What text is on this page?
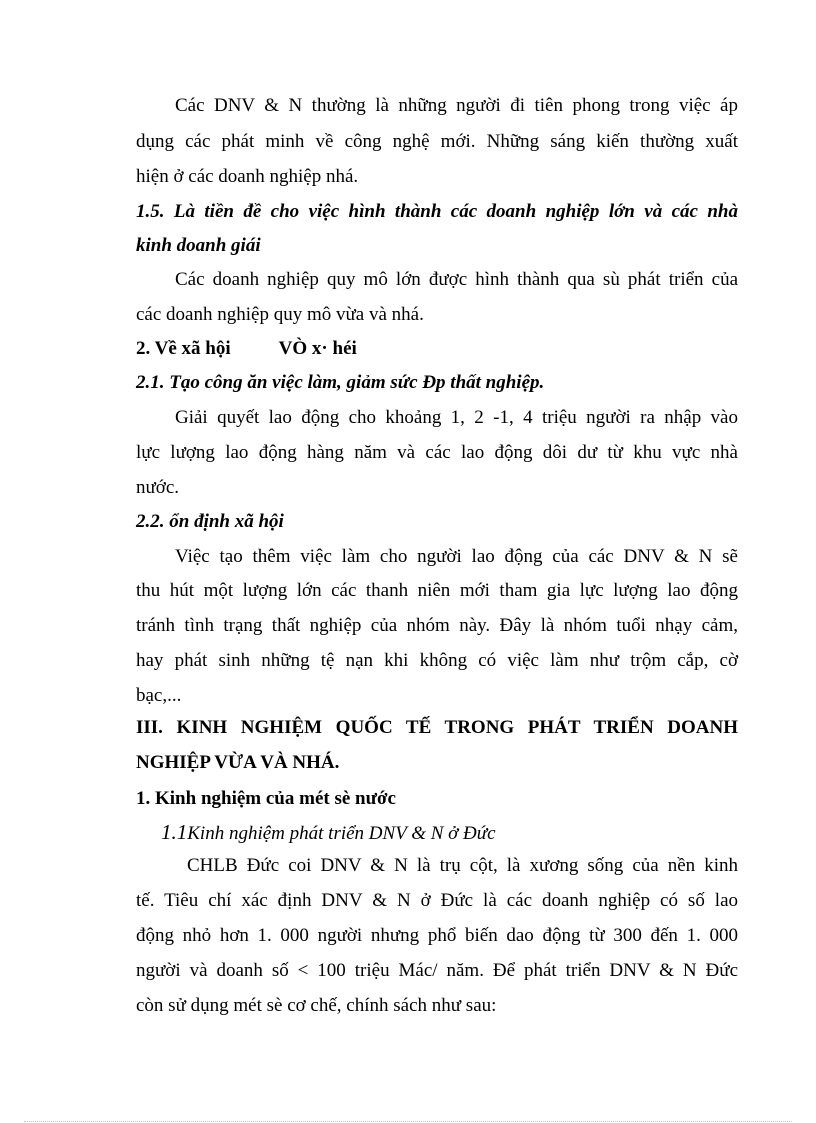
Các DNV & N thường là những người đi tiên phong trong việc áp
dụng các phát minh về công nghệ mới. Những sáng kiến thường xuất
hiện ở các doanh nghiệp nhá.
1.5. Là tiền đề cho việc hình thành các doanh nghiệp lớn và các nhà
kinh doanh giái
Các doanh nghiệp quy mô lớn được hình thành qua sù phát triển của
các doanh nghiệp quy mô vừa và nhá.
2. Về xã hội	VÒ x· héi
2.1. Tạo công ăn việc làm, giảm sức Ðp thất nghiệp.
Giải quyết lao động cho khoảng 1, 2 -1, 4 triệu người ra nhập vào
lực lượng lao động hàng năm và các lao động dôi dư từ khu vực nhà
nước.
2.2. ổn định xã hội
Việc tạo thêm việc làm cho người lao động của các DNV & N sẽ
thu hút một lượng lớn các thanh niên mới tham gia lực lượng lao động
tránh tình trạng thất nghiệp của nhóm này. Đây là nhóm tuổi nhạy cảm,
hay phát sinh những tệ nạn khi không có việc làm như trộm cắp, cờ
bạc,...
III. KINH NGHIỆM QUỐC TẾ TRONG PHÁT TRIỂN DOANH
NGHIỆP VỪA VÀ NHÁ.
1. Kinh nghiệm của mét sè nước
1.1Kinh nghiệm phát triển DNV & N ở Đức
CHLB Đức coi DNV & N là trụ cột, là xương sống của nền kinh
tế. Tiêu chí xác định DNV & N ở Đức là các doanh nghiệp có số lao
động nhỏ hơn 1. 000 người nhưng phổ biến dao động từ 300 đến 1. 000
người và doanh số < 100 triệu Mác/ năm. Để phát triển DNV & N Đức
còn sử dụng mét sè cơ chế, chính sách như sau:
